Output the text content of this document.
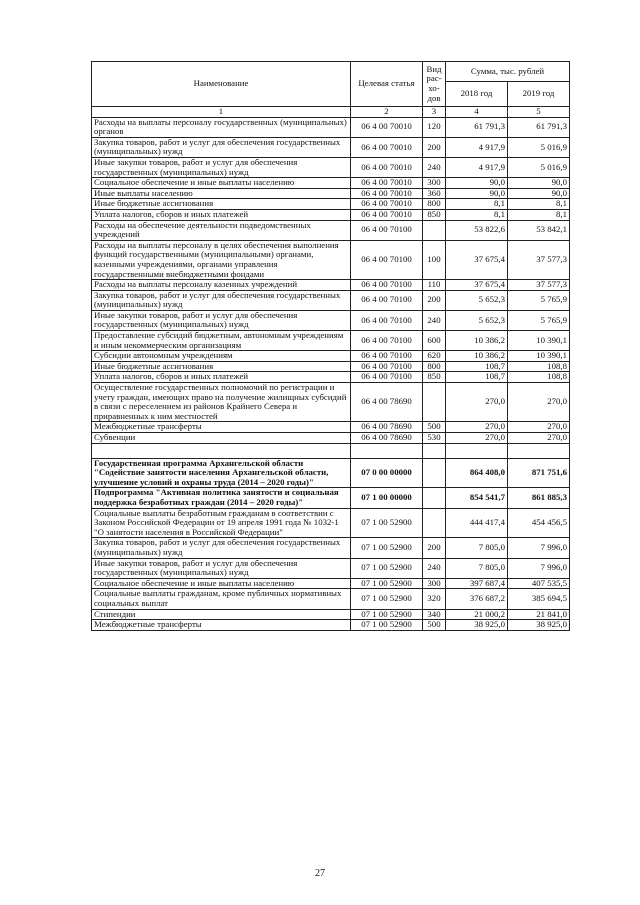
Наименование	Целевая статья	Вид рас-хо-дов	Сумма, тыс. рублей	
			2018 год	2019 год
1	2	3	4	5
Расходы на выплаты персоналу государственных (муниципальных) органов	06 4 00 70010	120	61 791,3	61 791,3
Закупка товаров, работ и услуг для обеспечения государственных (муниципальных) нужд	06 4 00 70010	200	4 917,9	5 016,9
Иные закупки товаров, работ и услуг для обеспечения государственных (муниципальных) нужд	06 4 00 70010	240	4 917,9	5 016,9
Социальное обеспечение и иные выплаты населению	06 4 00 70010	300	90,0	90,0
Иные выплаты населению	06 4 00 70010	360	90,0	90,0
Иные бюджетные ассигнования	06 4 00 70010	800	8,1	8,1
Уплата налогов, сборов и иных платежей	06 4 00 70010	850	8,1	8,1
Расходы на обеспечение деятельности подведомственных учреждений	06 4 00 70100		53 822,6	53 842,1
Расходы на выплаты персоналу в целях обеспечения выполнения функций государственными (муниципальными) органами, казенными учреждениями, органами управления государственными внебюджетными фондами	06 4 00 70100	100	37 675,4	37 577,3
Расходы на выплаты персоналу казенных учреждений	06 4 00 70100	110	37 675,4	37 577,3
Закупка товаров, работ и услуг для обеспечения государственных (муниципальных) нужд	06 4 00 70100	200	5 652,3	5 765,9
Иные закупки товаров, работ и услуг для обеспечения государственных (муниципальных) нужд	06 4 00 70100	240	5 652,3	5 765,9
Предоставление субсидий бюджетным, автономным учреждениям и иным некоммерческим организациям	06 4 00 70100	600	10 386,2	10 390,1
Субсидии автономным учреждениям	06 4 00 70100	620	10 386,2	10 390,1
Иные бюджетные ассигнования	06 4 00 70100	800	108,7	108,8
Уплата налогов, сборов и иных платежей	06 4 00 70100	850	108,7	108,8
Осуществление государственных полномочий по регистрации и учету граждан, имеющих право на получение жилищных субсидий в связи с переселением из районов Крайнего Севера и приравненных к ним местностей	06 4 00 78690		270,0	270,0
Межбюджетные трансферты	06 4 00 78690	500	270,0	270,0
Субвенции	06 4 00 78690	530	270,0	270,0

Государственная программа Архангельской области "Содействие занятости населения Архангельской области, улучшение условий и охраны труда (2014 – 2020 годы)"	07 0 00 00000		864 408,0	871 751,6
Подпрограмма "Активная политика занятости и социальная поддержка безработных граждан (2014 – 2020 годы)"	07 1 00 00000		854 541,7	861 885,3
Социальные выплаты безработным гражданам в соответствии с Законом Российской Федерации от 19 апреля 1991 года № 1032-1 "О занятости населения в Российской Федерации"	07 1 00 52900		444 417,4	454 456,5
Закупка товаров, работ и услуг для обеспечения государственных (муниципальных) нужд	07 1 00 52900	200	7 805,0	7 996,0
Иные закупки товаров, работ и услуг для обеспечения государственных (муниципальных) нужд	07 1 00 52900	240	7 805,0	7 996,0
Социальное обеспечение и иные выплаты населению	07 1 00 52900	300	397 687,4	407 535,5
Социальные выплаты гражданам, кроме публичных нормативных социальных выплат	07 1 00 52900	320	376 687,2	385 694,5
Стипендии	07 1 00 52900	340	21 000,2	21 841,0
Межбюджетные трансферты	07 1 00 52900	500	38 925,0	38 925,0
27
